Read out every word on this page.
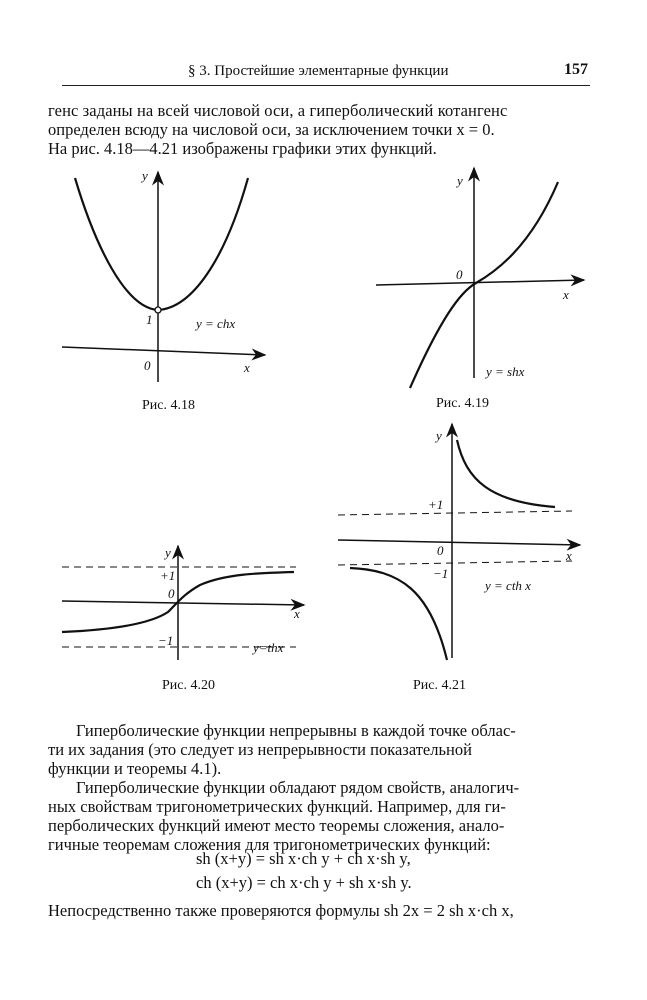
§ 3. Простейшие элементарные функции	157
генс заданы на всей числовой оси, а гиперболический котангенс
определен всюду на числовой оси, за исключением точки x = 0.
На рис. 4.18—4.21 изображены графики этих функций.
y
x
0
1	y = chx
y
x
0
y = shx
y
x
0
+1
−1	y=thx
y
x
0
+1
−1
y = cth x
Рис. 4.18	Рис. 4.19
Рис. 4.20	Рис. 4.21
Гиперболические функции непрерывны в каждой точке облас-
ти их задания (это следует из непрерывности показательной
функции и теоремы 4.1).
Гиперболические функции обладают рядом свойств, аналогич-
ных свойствам тригонометрических функций. Например, для ги-
перболических функций имеют место теоремы сложения, анало-
гичные теоремам сложения для тригонометрических функций:
sh (x+y) = sh x·ch y + ch x·sh y,
ch (x+y) = ch x·ch y + sh x·sh y.
Непосредственно также проверяются формулы sh 2x = 2 sh x·ch x,
